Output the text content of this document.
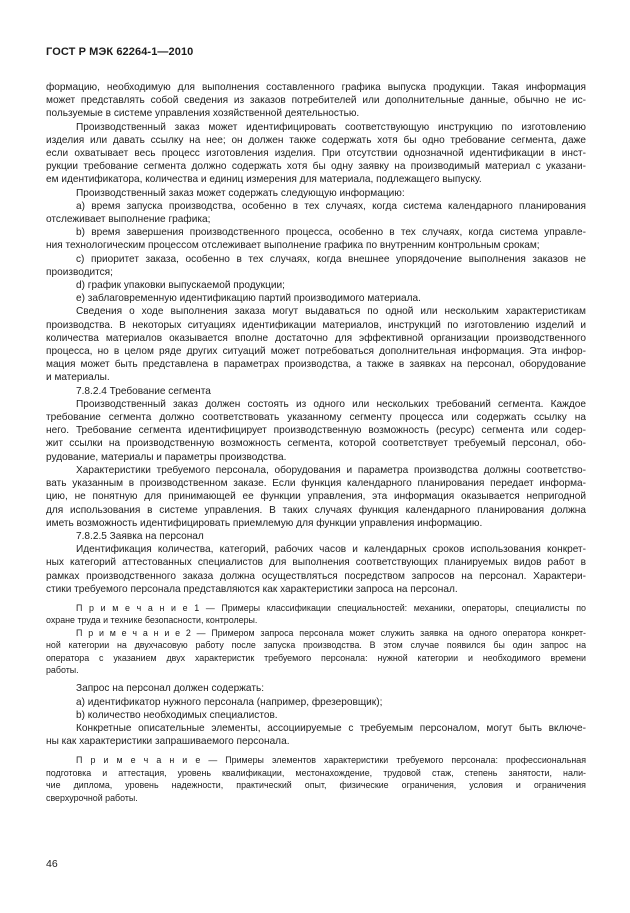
ГОСТ Р МЭК 62264-1—2010

формацию, необходимую для выполнения составленного графика выпуска продукции. Такая информация
может представлять собой сведения из заказов потребителей или дополнительные данные, обычно не ис-
пользуемые в системе управления хозяйственной деятельностью.

Производственный заказ может идентифицировать соответствующую инструкцию по изготовлению
изделия или давать ссылку на нее; он должен также содержать хотя бы одно требование сегмента, даже
если охватывает весь процесс изготовления изделия. При отсутствии однозначной идентификации в инст-
рукции требование сегмента должно содержать хотя бы одну заявку на производимый материал с указани-
ем идентификатора, количества и единиц измерения для материала, подлежащего выпуску.

Производственный заказ может содержать следующую информацию:

a) время запуска производства, особенно в тех случаях, когда система календарного планирования
отслеживает выполнение графика;

b) время завершения производственного процесса, особенно в тех случаях, когда система управле-
ния технологическим процессом отслеживает выполнение графика по внутренним контрольным срокам;

c) приоритет заказа, особенно в тех случаях, когда внешнее упорядочение выполнения заказов не
производится;

d) график упаковки выпускаемой продукции;

e) заблаговременную идентификацию партий производимого материала.

Сведения о ходе выполнения заказа могут выдаваться по одной или нескольким характеристикам
производства. В некоторых ситуациях идентификации материалов, инструкций по изготовлению изделий и
количества материалов оказывается вполне достаточно для эффективной организации производственного
процесса, но в целом ряде других ситуаций может потребоваться дополнительная информация. Эта инфор-
мация может быть представлена в параметрах производства, а также в заявках на персонал, оборудование
и материалы.

7.8.2.4 Требование сегмента

Производственный заказ должен состоять из одного или нескольких требований сегмента. Каждое
требование сегмента должно соответствовать указанному сегменту процесса или содержать ссылку на
него. Требование сегмента идентифицирует производственную возможность (ресурс) сегмента или содер-
жит ссылки на производственную возможность сегмента, которой соответствует требуемый персонал, обо-
рудование, материалы и параметры производства.

Характеристики требуемого персонала, оборудования и параметра производства должны соответство-
вать указанным в производственном заказе. Если функция календарного планирования передает информа-
цию, не понятную для принимающей ее функции управления, эта информация оказывается непригодной
для использования в системе управления. В таких случаях функция календарного планирования должна
иметь возможность идентифицировать приемлемую для функции управления информацию.

7.8.2.5 Заявка на персонал

Идентификация количества, категорий, рабочих часов и календарных сроков использования конкрет-
ных категорий аттестованных специалистов для выполнения соответствующих планируемых видов работ в
рамках производственного заказа должна осуществляться посредством запросов на персонал. Характери-
стики требуемого персонала представляются как характеристики запроса на персонал.

П р и м е ч а н и е 1 — Примеры классификации специальностей: механики, операторы, специалисты по
охране труда и технике безопасности, контролеры.

П р и м е ч а н и е 2 — Примером запроса персонала может служить заявка на одного оператора конкрет-
ной категории на двухчасовую работу после запуска производства. В этом случае появился бы один запрос на
оператора с указанием двух характеристик требуемого персонала: нужной категории и необходимого времени
работы.

Запрос на персонал должен содержать:

a) идентификатор нужного персонала (например, фрезеровщик);

b) количество необходимых специалистов.

Конкретные описательные элементы, ассоциируемые с требуемым персоналом, могут быть включе-
ны как характеристики запрашиваемого персонала.

П р и м е ч а н и е — Примеры элементов характеристики требуемого персонала: профессиональная
подготовка и аттестация, уровень квалификации, местонахождение, трудовой стаж, степень занятости, нали-
чие диплома, уровень надежности, практический опыт, физические ограничения, условия и ограничения
сверхурочной работы.

46
